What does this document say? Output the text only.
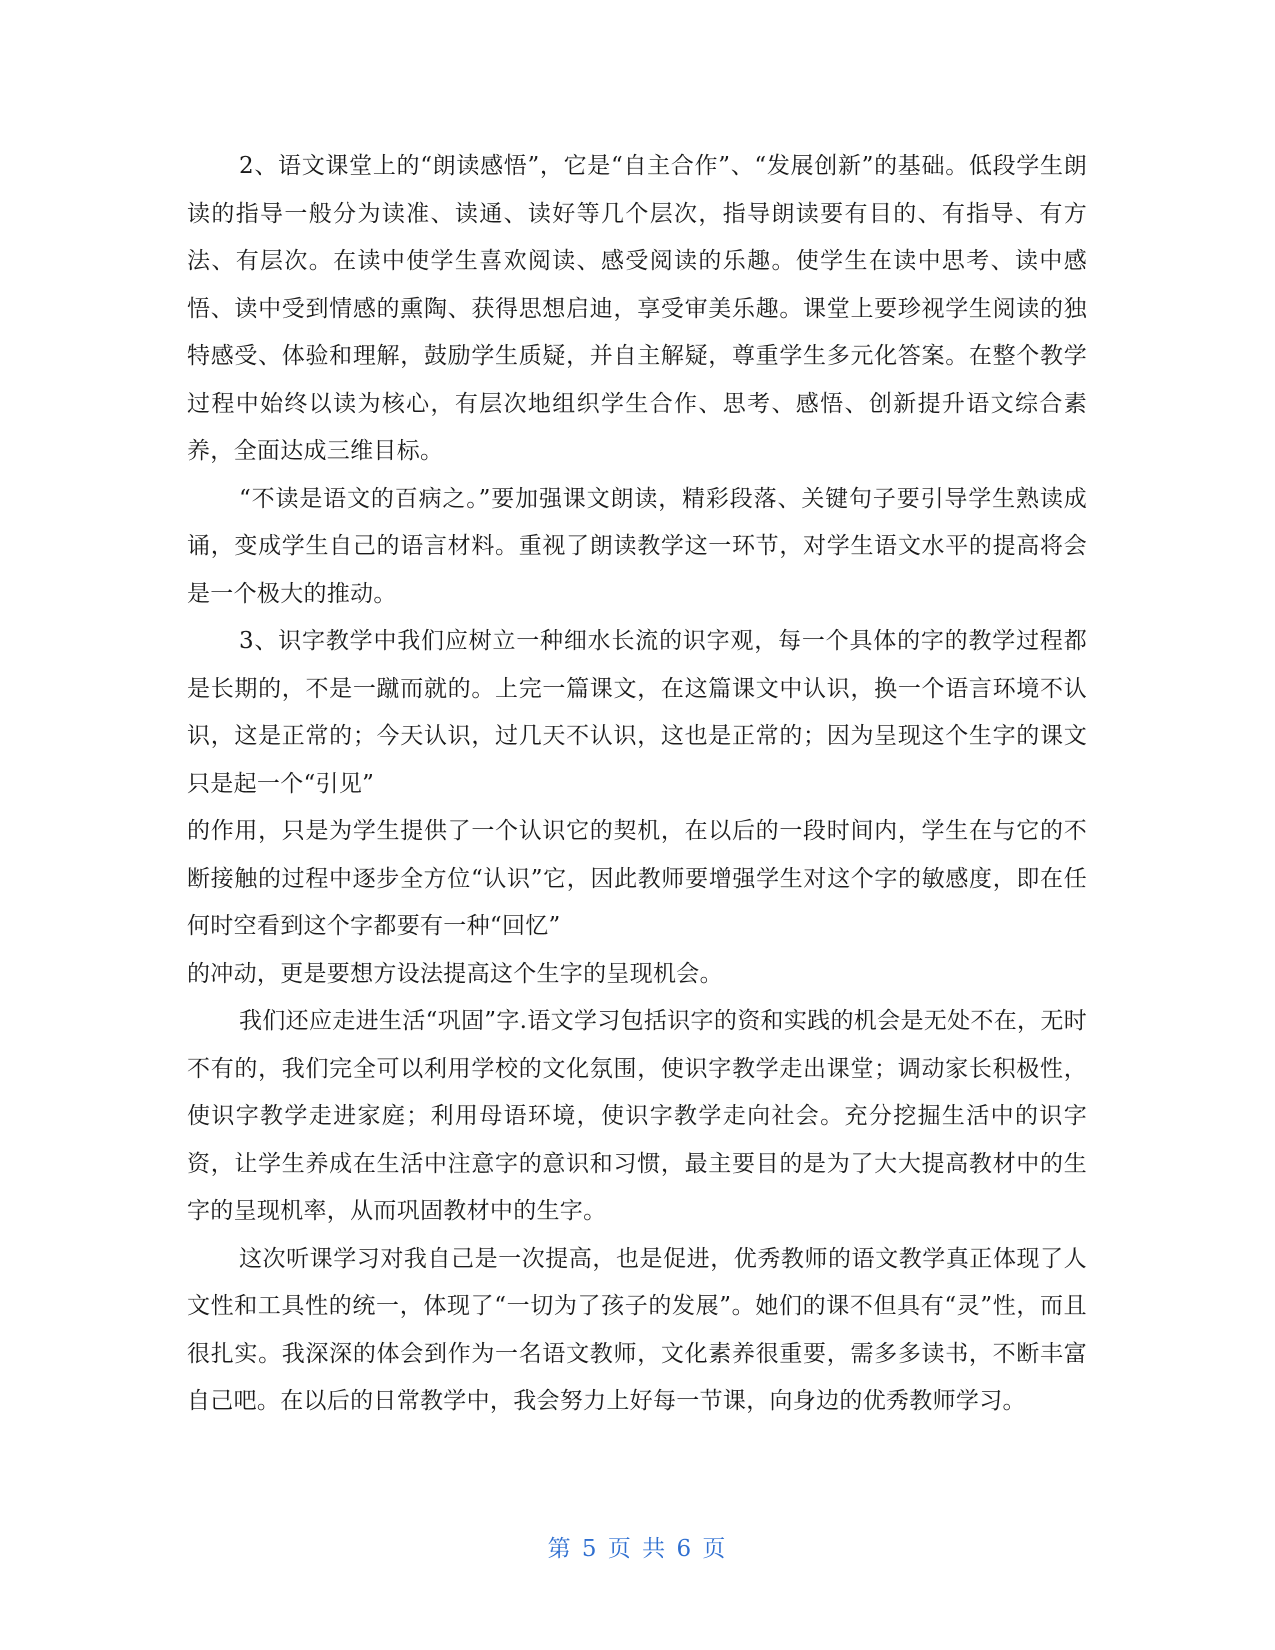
2、语文课堂上的“朗读感悟”，它是“自主合作”、“发展创新”的基础。低段学生朗读的指导一般分为读准、读通、读好等几个层次，指导朗读要有目的、有指导、有方法、有层次。在读中使学生喜欢阅读、感受阅读的乐趣。使学生在读中思考、读中感悟、读中受到情感的熏陶、获得思想启迪，享受审美乐趣。课堂上要珍视学生阅读的独特感受、体验和理解，鼓励学生质疑，并自主解疑，尊重学生多元化答案。在整个教学过程中始终以读为核心，有层次地组织学生合作、思考、感悟、创新提升语文综合素养，全面达成三维目标。

“不读是语文的百病之。”要加强课文朗读，精彩段落、关键句子要引导学生熟读成诵，变成学生自己的语言材料。重视了朗读教学这一环节，对学生语文水平的提高将会是一个极大的推动。

3、识字教学中我们应树立一种细水长流的识字观，每一个具体的字的教学过程都是长期的，不是一蹴而就的。上完一篇课文，在这篇课文中认识，换一个语言环境不认识，这是正常的；今天认识，过几天不认识，这也是正常的；因为呈现这个生字的课文只是起一个“引见”

的作用，只是为学生提供了一个认识它的契机，在以后的一段时间内，学生在与它的不断接触的过程中逐步全方位“认识”它，因此教师要增强学生对这个字的敏感度，即在任何时空看到这个字都要有一种“回忆”

的冲动，更是要想方设法提高这个生字的呈现机会。

我们还应走进生活“巩固”字.语文学习包括识字的资和实践的机会是无处不在，无时不有的，我们完全可以利用学校的文化氛围，使识字教学走出课堂；调动家长积极性，使识字教学走进家庭；利用母语环境，使识字教学走向社会。充分挖掘生活中的识字资，让学生养成在生活中注意字的意识和习惯，最主要目的是为了大大提高教材中的生字的呈现机率，从而巩固教材中的生字。

这次听课学习对我自己是一次提高，也是促进，优秀教师的语文教学真正体现了人文性和工具性的统一，体现了“一切为了孩子的发展”。她们的课不但具有“灵”性，而且很扎实。我深深的体会到作为一名语文教师，文化素养很重要，需多多读书，不断丰富自己吧。在以后的日常教学中，我会努力上好每一节课，向身边的优秀教师学习。

第 5 页 共 6 页
